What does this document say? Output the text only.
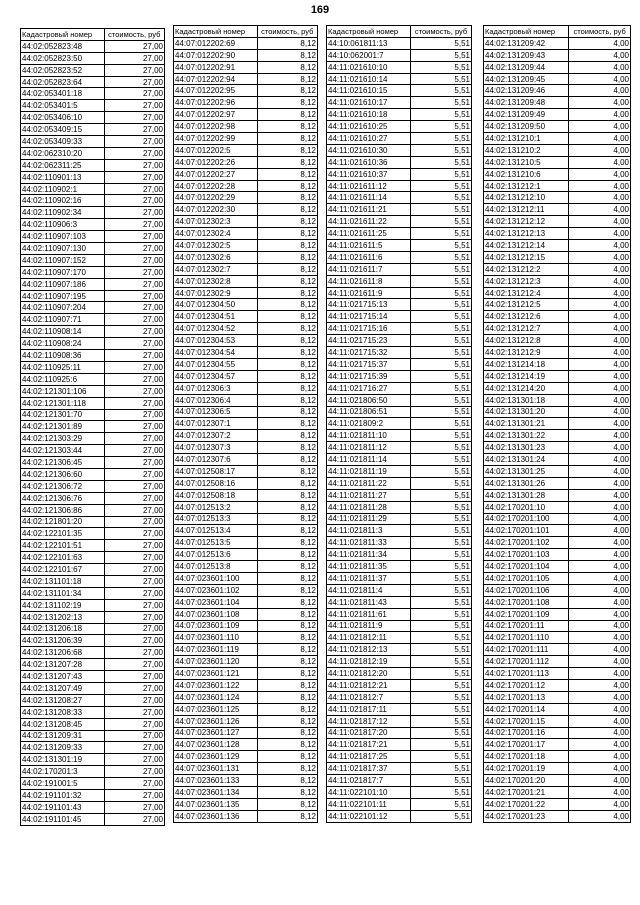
169
Кадастровый номер	стоимость, руб
44:02:052823:48	27,00
44:02:052823:50	27,00
44:02:052823:52	27,00
44:02:052823:64	27,00
44:02:053401:18	27,00
44:02:053401:5	27,00
44:02:053406:10	27,00
44:02:053409:15	27,00
44:02:053409:33	27,00
44:02:062310:20	27,00
44:02:062311:25	27,00
44:02:110901:13	27,00
44:02:110902:1	27,00
44:02:110902:16	27,00
44:02:110902:34	27,00
44:02:110906:3	27,00
44:02:110907:103	27,00
44:02:110907:130	27,00
44:02:110907:152	27,00
44:02:110907:170	27,00
44:02:110907:186	27,00
44:02:110907:195	27,00
44:02:110907:204	27,00
44:02:110907:71	27,00
44:02:110908:14	27,00
44:02:110908:24	27,00
44:02:110908:36	27,00
44:02:110925:11	27,00
44:02:110925:6	27,00
44:02:121301:106	27,00
44:02:121301:118	27,00
44:02:121301:70	27,00
44:02:121301:89	27,00
44:02:121303:29	27,00
44:02:121303:44	27,00
44:02:121306:45	27,00
44:02:121306:60	27,00
44:02:121306:72	27,00
44:02:121306:76	27,00
44:02:121306:86	27,00
44:02:121801:20	27,00
44:02:122101:35	27,00
44:02:122101:51	27,00
44:02:122101:63	27,00
44:02:122101:67	27,00
44:02:131101:18	27,00
44:02:131101:34	27,00
44:02:131102:19	27,00
44:02:131202:13	27,00
44:02:131206:18	27,00
44:02:131206:39	27,00
44:02:131206:68	27,00
44:02:131207:28	27,00
44:02:131207:43	27,00
44:02:131207:49	27,00
44:02:131208:27	27,00
44:02:131208:33	27,00
44:02:131208:45	27,00
44:02:131209:31	27,00
44:02:131209:33	27,00
44:02:131301:19	27,00
44:02:170201:3	27,00
44:02:191001:5	27,00
44:02:191101:32	27,00
44:02:191101:43	27,00
44:02:191101:45	27,00
Кадастровый номер	стоимость, руб
44:07:012202:69	8,12
44:07:012202:90	8,12
44:07:012202:91	8,12
44:07:012202:94	8,12
44:07:012202:95	8,12
44:07:012202:96	8,12
44:07:012202:97	8,12
44:07:012202:98	8,12
44:07:012202:99	8,12
44:07:012202:5	8,12
44:07:012202:26	8,12
44:07:012202:27	8,12
44:07:012202:28	8,12
44:07:012202:29	8,12
44:07:012202:30	8,12
44:07:012302:3	8,12
44:07:012302:4	8,12
44:07:012302:5	8,12
44:07:012302:6	8,12
44:07:012302:7	8,12
44:07:012302:8	8,12
44:07:012302:9	8,12
44:07:012304:50	8,12
44:07:012304:51	8,12
44:07:012304:52	8,12
44:07:012304:53	8,12
44:07:012304:54	8,12
44:07:012304:55	8,12
44:07:012304:57	8,12
44:07:012306:3	8,12
44:07:012306:4	8,12
44:07:012306:5	8,12
44:07:012307:1	8,12
44:07:012307:2	8,12
44:07:012307:3	8,12
44:07:012307:6	8,12
44:07:012508:17	8,12
44:07:012508:16	8,12
44:07:012508:18	8,12
44:07:012513:2	8,12
44:07:012513:3	8,12
44:07:012513:4	8,12
44:07:012513:5	8,12
44:07:012513:6	8,12
44:07:012513:8	8,12
44:07:023601:100	8,12
44:07:023601:102	8,12
44:07:023601:104	8,12
44:07:023601:108	8,12
44:07:023601:109	8,12
44:07:023601:110	8,12
44:07:023601:119	8,12
44:07:023601:120	8,12
44:07:023601:121	8,12
44:07:023601:122	8,12
44:07:023601:124	8,12
44:07:023601:125	8,12
44:07:023601:126	8,12
44:07:023601:127	8,12
44:07:023601:128	8,12
44:07:023601:129	8,12
44:07:023601:131	8,12
44:07:023601:133	8,12
44:07:023601:134	8,12
44:07:023601:135	8,12
44:07:023601:136	8,12
Кадастровый номер	стоимость, руб
44:10:061811:13	5,51
44:10:062001:7	5,51
44:11:021610:10	5,51
44:11:021610:14	5,51
44:11:021610:15	5,51
44:11:021610:17	5,51
44:11:021610:18	5,51
44:11:021610:25	5,51
44:11:021610:27	5,51
44:11:021610:30	5,51
44:11:021610:36	5,51
44:11:021610:37	5,51
44:11:021611:12	5,51
44:11:021611:14	5,51
44:11:021611:21	5,51
44:11:021611:22	5,51
44:11:021611:25	5,51
44:11:021611:5	5,51
44:11:021611:6	5,51
44:11:021611:7	5,51
44:11:021611:8	5,51
44:11:021611:9	5,51
44:11:021715:13	5,51
44:11:021715:14	5,51
44:11:021715:16	5,51
44:11:021715:23	5,51
44:11:021715:32	5,51
44:11:021715:37	5,51
44:11:021715:39	5,51
44:11:021716:27	5,51
44:11:021806:50	5,51
44:11:021806:51	5,51
44:11:021809:2	5,51
44:11:021811:10	5,51
44:11:021811:12	5,51
44:11:021811:14	5,51
44:11:021811:19	5,51
44:11:021811:22	5,51
44:11:021811:27	5,51
44:11:021811:28	5,51
44:11:021811:29	5,51
44:11:021811:3	5,51
44:11:021811:33	5,51
44:11:021811:34	5,51
44:11:021811:35	5,51
44:11:021811:37	5,51
44:11:021811:4	5,51
44:11:021811:43	5,51
44:11:021811:61	5,51
44:11:021811:9	5,51
44:11:021812:11	5,51
44:11:021812:13	5,51
44:11:021812:19	5,51
44:11:021812:20	5,51
44:11:021812:21	5,51
44:11:021812:7	5,51
44:11:021817:11	5,51
44:11:021817:12	5,51
44:11:021817:20	5,51
44:11:021817:21	5,51
44:11:021817:25	5,51
44:11:021817:37	5,51
44:11:021817:7	5,51
44:11:022101:10	5,51
44:11:022101:11	5,51
44:11:022101:12	5,51
Кадастровый номер	стоимость, руб
44:02:131209:42	4,00
44:02:131209:43	4,00
44:02:131209:44	4,00
44:02:131209:45	4,00
44:02:131209:46	4,00
44:02:131209:48	4,00
44:02:131209:49	4,00
44:02:131209:50	4,00
44:02:131210:1	4,00
44:02:131210:2	4,00
44:02:131210:5	4,00
44:02:131210:6	4,00
44:02:131212:1	4,00
44:02:131212:10	4,00
44:02:131212:11	4,00
44:02:131212:12	4,00
44:02:131212:13	4,00
44:02:131212:14	4,00
44:02:131212:15	4,00
44:02:131212:2	4,00
44:02:131212:3	4,00
44:02:131212:4	4,00
44:02:131212:5	4,00
44:02:131212:6	4,00
44:02:131212:7	4,00
44:02:131212:8	4,00
44:02:131212:9	4,00
44:02:131214:18	4,00
44:02:131214:19	4,00
44:02:131214:20	4,00
44:02:131301:18	4,00
44:02:131301:20	4,00
44:02:131301:21	4,00
44:02:131301:22	4,00
44:02:131301:23	4,00
44:02:131301:24	4,00
44:02:131301:25	4,00
44:02:131301:26	4,00
44:02:131301:28	4,00
44:02:170201:10	4,00
44:02:170201:100	4,00
44:02:170201:101	4,00
44:02:170201:102	4,00
44:02:170201:103	4,00
44:02:170201:104	4,00
44:02:170201:105	4,00
44:02:170201:106	4,00
44:02:170201:108	4,00
44:02:170201:109	4,00
44:02:170201:11	4,00
44:02:170201:110	4,00
44:02:170201:111	4,00
44:02:170201:112	4,00
44:02:170201:113	4,00
44:02:170201:12	4,00
44:02:170201:13	4,00
44:02:170201:14	4,00
44:02:170201:15	4,00
44:02:170201:16	4,00
44:02:170201:17	4,00
44:02:170201:18	4,00
44:02:170201:19	4,00
44:02:170201:20	4,00
44:02:170201:21	4,00
44:02:170201:22	4,00
44:02:170201:23	4,00
